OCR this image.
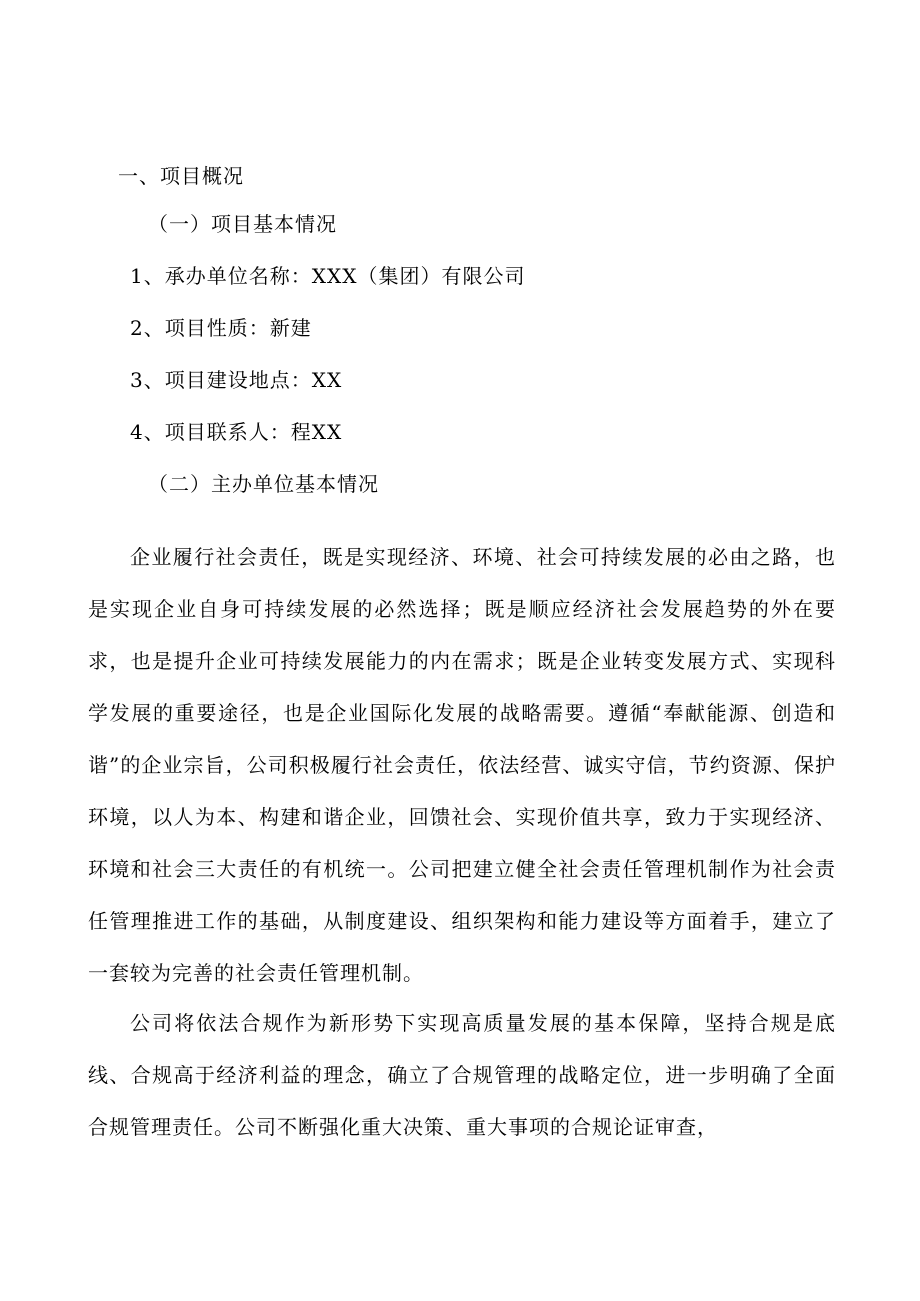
一、项目概况
（一）项目基本情况
1、承办单位名称：XXX（集团）有限公司
2、项目性质：新建
3、项目建设地点：XX
4、项目联系人：程XX
（二）主办单位基本情况

企业履行社会责任，既是实现经济、环境、社会可持续发展的必由之路，也是实现企业自身可持续发展的必然选择；既是顺应经济社会发展趋势的外在要求，也是提升企业可持续发展能力的内在需求；既是企业转变发展方式、实现科学发展的重要途径，也是企业国际化发展的战略需要。遵循“奉献能源、创造和谐”的企业宗旨，公司积极履行社会责任，依法经营、诚实守信，节约资源、保护环境，以人为本、构建和谐企业，回馈社会、实现价值共享，致力于实现经济、环境和社会三大责任的有机统一。公司把建立健全社会责任管理机制作为社会责任管理推进工作的基础，从制度建设、组织架构和能力建设等方面着手，建立了一套较为完善的社会责任管理机制。

公司将依法合规作为新形势下实现高质量发展的基本保障，坚持合规是底线、合规高于经济利益的理念，确立了合规管理的战略定位，进一步明确了全面合规管理责任。公司不断强化重大决策、重大事项的合规论证审查，
